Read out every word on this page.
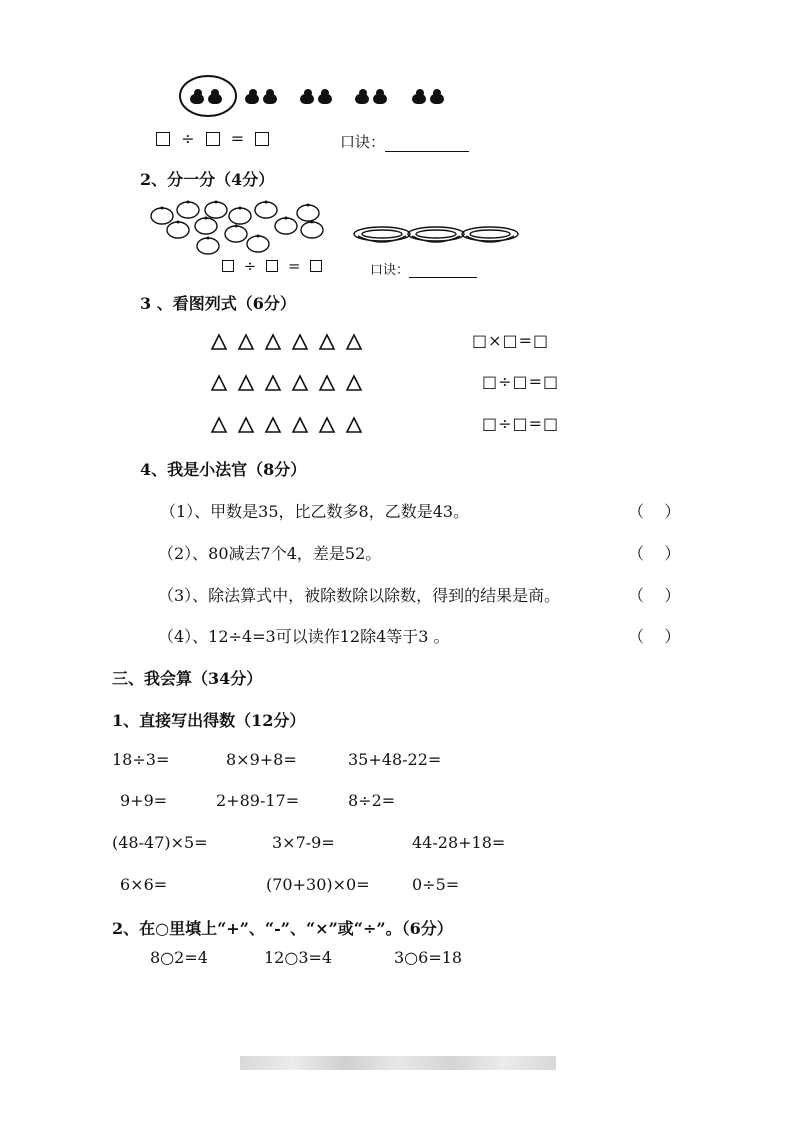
÷ =	口诀：
2、分一分（4分）
÷ =	口诀：
3 、看图列式（6分）
□×□=□
□÷□=□
□÷□=□
4、我是小法官（8分）
（1）、甲数是35，比乙数多8，乙数是43。	（    ）
（2）、80减去7个4，差是52。	（    ）
（3）、除法算式中，被除数除以除数，得到的结果是商。	（    ）
（4）、12÷4=3可以读作12除4等于3 。	（    ）
三、我会算（34分）
1、直接写出得数（12分）
18÷3=	8×9+8=	35+48-22=
9+9=	2+89-17=	8÷2=
(48-47)×5=	3×7-9=	44-28+18=
6×6=	(70+30)×0=	0÷5=
2、在○里填上“+”、“-”、“×”或“÷”。（6分）
8○2=4	12○3=4	3○6=18
